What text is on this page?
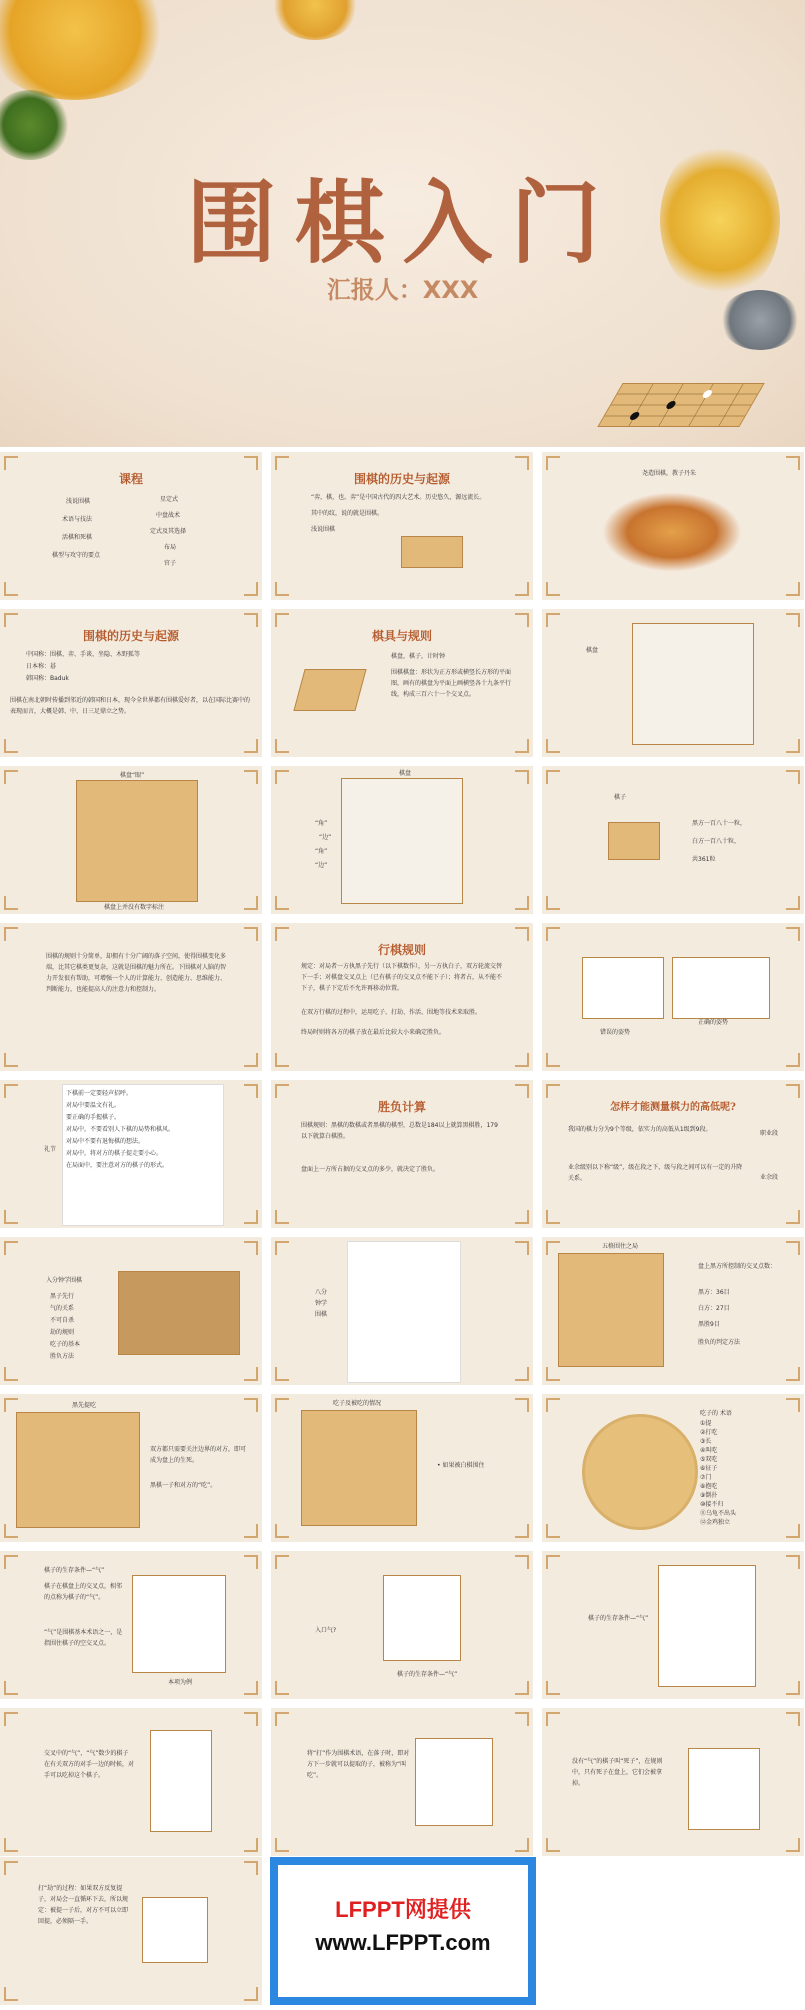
围棋入门
汇报人：XXX
课程
浅说围棋
术语与技法
活棋和死棋
棋型与攻守的要点
星定式
中盘战术
定式及其选择
布局
官子
围棋的历史与起源
“弈，棋，也。弈”是中国古代的四大艺术。历史悠久，源远流长。
其中的纹，说的就是围棋。
浅说围棋
尧造围棋，教子丹朱
围棋的历史与起源
中国称：围棋、弈、手谈、坐隐、木野狐等
日本称：碁
韩国称：Baduk
围棋在南北朝时传播到邻近的韩国和日本，现今全世界都有围棋爱好者，以在国际比赛中的表现而言，大概是韩、中、日三足鼎立之势。
棋具与规则
棋盘，棋子，计时钟
围棋棋盘：形状为正方形或横竖长方形的平面图，画有的棋盘为平面上画横竖各十九条平行线，构成三百六十一个交叉点。
棋盘
棋盘“眼”
棋盘上并没有数字标注
棋盘
“角”
“边”
“角”
“边”
棋子
黑方一百八十一粒，
白方一百八十粒，
共361粒
围棋的规则十分简单，却拥有十分广阔的落子空间，使得围棋变化多端，比其它棋类更复杂，这就是围棋的魅力所在。下围棋对人脑的智力开发很有帮助，可增强一个人的计算能力、创造能力、思维能力、判断能力，也能提高人的注意力和控制力。
行棋规则
规定：对局者一方执黑子先行（以下棋数作），另一方执白子，双方轮流交替下一手；对棋盘交叉点上（已有棋子的交叉点不能下子）；将者占，从不能不下子，棋子下定后不允许再移动位置。
在双方行棋的过程中，运用吃子、打劫、作活、围地等技术来取胜。
终局时则将各方的棋子放在最后比较大小来确定胜负。	错误的姿势
正确的姿势
礼节
下棋前一定要轻声招呼。
对局中要温文有礼。
要正确的手握棋子。
对局中，不要看别人下棋的局势和棋风。
对局中不要有退悔棋的想法。
对局中，将对方的棋子提走要小心。
在局面中，要注意对方的棋子的形式。
胜负计算
围棋规则：黑棋的数棋或者黑棋的棋型，总数是184以上就算黑棋胜，179以下就算白棋胜。
盘面上一方所占据的交叉点的多少，就决定了胜负。
怎样才能测量棋力的高低呢?
我国的棋力分为9个等级，依实力的高低从1级到9段。
业余级别以下称“级”，级在段之下，级与段之间可以有一定的升降关系。
职业段
业余段
入分钟学围棋
黑子先行
气的关系
不可自杀
劫的规则
吃子的基本
胜负方法
八分钟学围棋
五格围住之局
盘上黑方所控制的交叉点数：
黑方：36目
白方：27目
黑胜9目
胜负的判定方法
黑先提吃
双方都只需要关注边界的对方，即可成为盘上的生死。
黑棋一子和对方的“吃”。
吃子及被吃的情况
• 如果被白棋围住
吃子的 术语
①提
②打吃
③长
④叫吃
⑤双吃
⑥征子
⑦门
⑧抱吃
⑨倒扑
⑩接不归
⑪乌龟不出头
⑫金鸡独立
棋子的生存条件—“气”
棋子在棋盘上的交叉点，相邻的点称为棋子的“气”。
“气”是围棋基本术语之一，是指围住棋子的空交叉点。
本项为例
入口气?
棋子的生存条件—“气”
棋子的生存条件—“气”
交叉中的“气”，“气”数少的棋子在有关双方的对手一边的时候，对手可以吃掉这个棋子。
将“打”作为围棋术语，在落子时，即对方下一步就可以提取的子，被称为“叫吃”。
没有“气”的棋子叫“死子”，在规则中，只有死子在盘上，它们会被拿掉。
打“劫”的过程：如果双方反复提子，对局会一直循环下去，所以规定：被提一子后，对方不可以立即回提，必须隔一手。	LFPPT网提供
www.LFPPT.com
